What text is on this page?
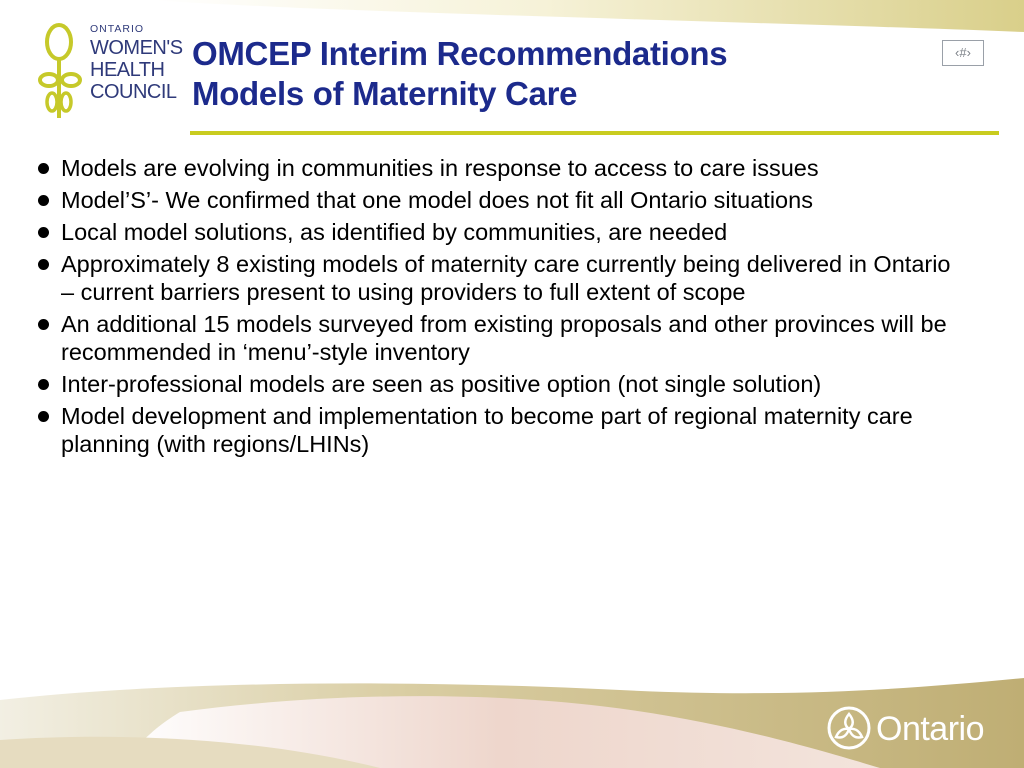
ONTARIO
WOMEN'S
HEALTH
COUNCIL
OMCEP Interim Recommendations
Models of Maternity Care
‹#›
Models are evolving in communities in response to access to care issues
Model’S’- We confirmed that one model does not fit all Ontario situations
Local model solutions, as identified by communities, are needed
Approximately 8 existing models of maternity care currently being delivered in Ontario – current barriers present to using providers to full extent of scope
An additional 15 models surveyed from existing proposals and other provinces will be recommended in ‘menu’-style inventory
Inter-professional models are seen as positive option (not single solution)
Model development and implementation to become part of regional maternity care planning (with regions/LHINs)
Ontario
